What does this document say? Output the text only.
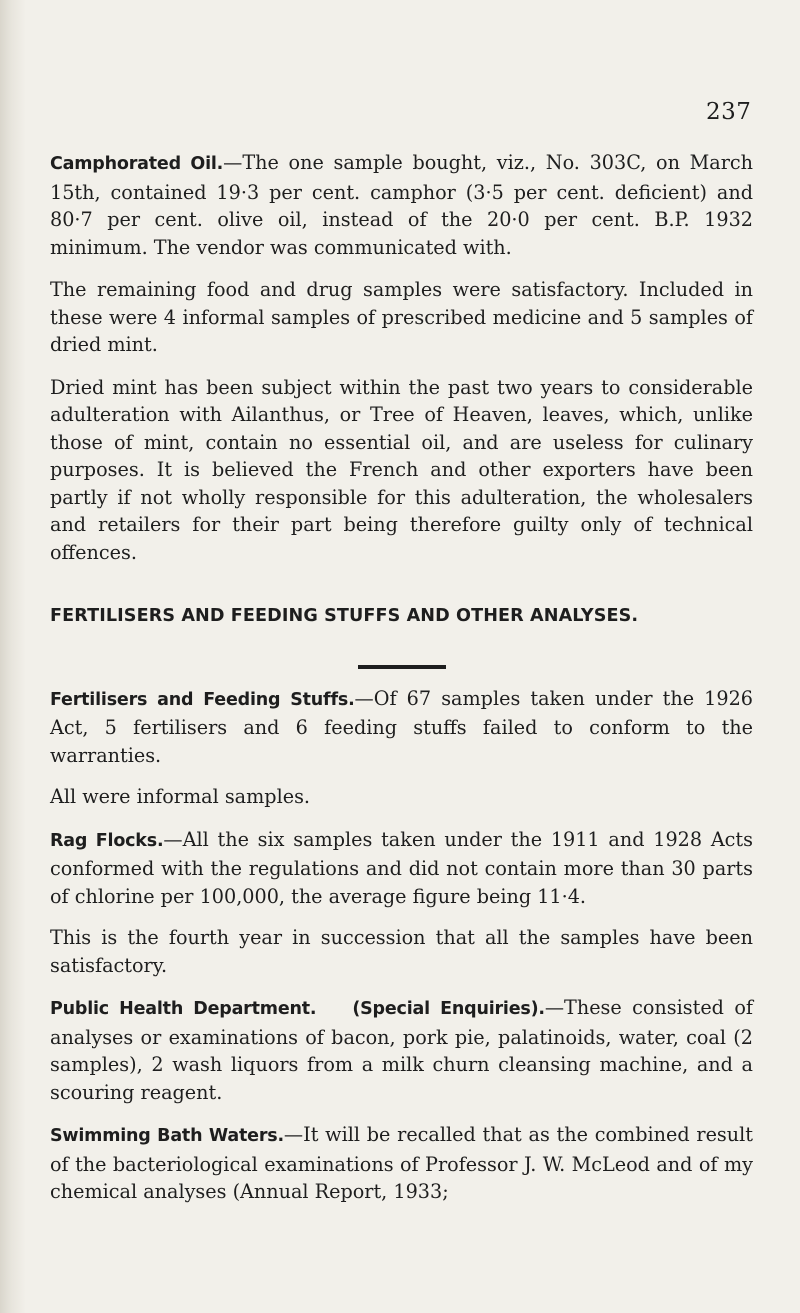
237

Camphorated Oil.—The one sample bought, viz., No. 303C, on March 15th, contained 19·3 per cent. camphor (3·5 per cent. deficient) and 80·7 per cent. olive oil, instead of the 20·0 per cent. B.P. 1932 minimum. The vendor was communicated with.

The remaining food and drug samples were satisfactory. Included in these were 4 informal samples of prescribed medicine and 5 samples of dried mint.

Dried mint has been subject within the past two years to considerable adulteration with Ailanthus, or Tree of Heaven, leaves, which, unlike those of mint, contain no essential oil, and are useless for culinary purposes. It is believed the French and other exporters have been partly if not wholly responsible for this adulteration, the wholesalers and retailers for their part being therefore guilty only of technical offences.

FERTILISERS AND FEEDING STUFFS AND OTHER ANALYSES.

Fertilisers and Feeding Stuffs.—Of 67 samples taken under the 1926 Act, 5 fertilisers and 6 feeding stuffs failed to conform to the warranties.

All were informal samples.

Rag Flocks.—All the six samples taken under the 1911 and 1928 Acts conformed with the regulations and did not contain more than 30 parts of chlorine per 100,000, the average figure being 11·4.

This is the fourth year in succession that all the samples have been satisfactory.

Public Health Department. (Special Enquiries).—These consisted of analyses or examinations of bacon, pork pie, palatinoids, water, coal (2 samples), 2 wash liquors from a milk churn cleansing machine, and a scouring reagent.

Swimming Bath Waters.—It will be recalled that as the combined result of the bacteriological examinations of Professor J. W. McLeod and of my chemical analyses (Annual Report, 1933;
